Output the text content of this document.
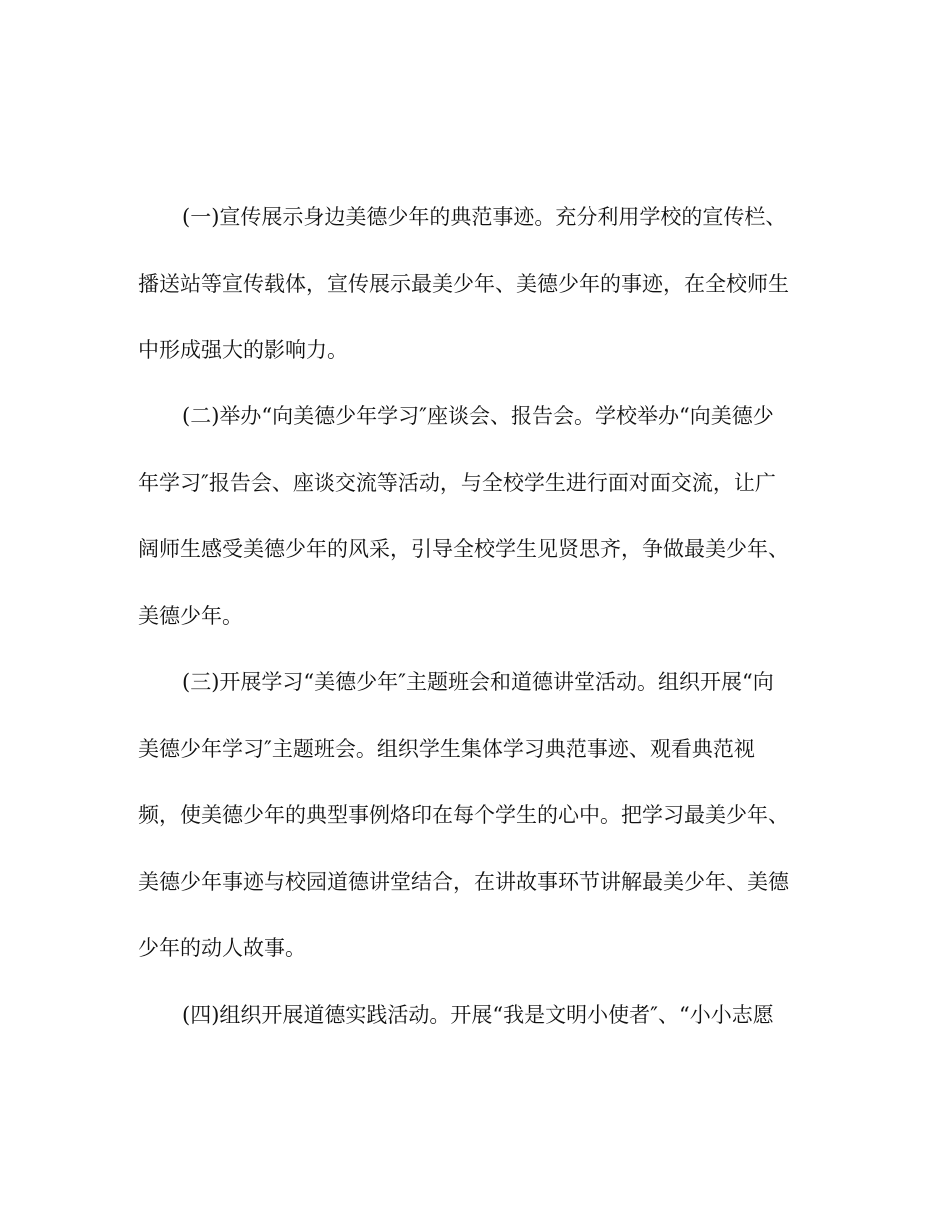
(一)宣传展示身边美德少年的典范事迹。充分利用学校的宣传栏、
播送站等宣传载体，宣传展示最美少年、美德少年的事迹，在全校师生
中形成强大的影响力。
(二)举办“向美德少年学习″座谈会、报告会。学校举办“向美德少
年学习″报告会、座谈交流等活动，与全校学生进行面对面交流，让广
阔师生感受美德少年的风采，引导全校学生见贤思齐，争做最美少年、
美德少年。
(三)开展学习“美德少年″主题班会和道德讲堂活动。组织开展“向
美德少年学习″主题班会。组织学生集体学习典范事迹、观看典范视
频，使美德少年的典型事例烙印在每个学生的心中。把学习最美少年、
美德少年事迹与校园道德讲堂结合，在讲故事环节讲解最美少年、美德
少年的动人故事。
(四)组织开展道德实践活动。开展“我是文明小使者″、“小小志愿
